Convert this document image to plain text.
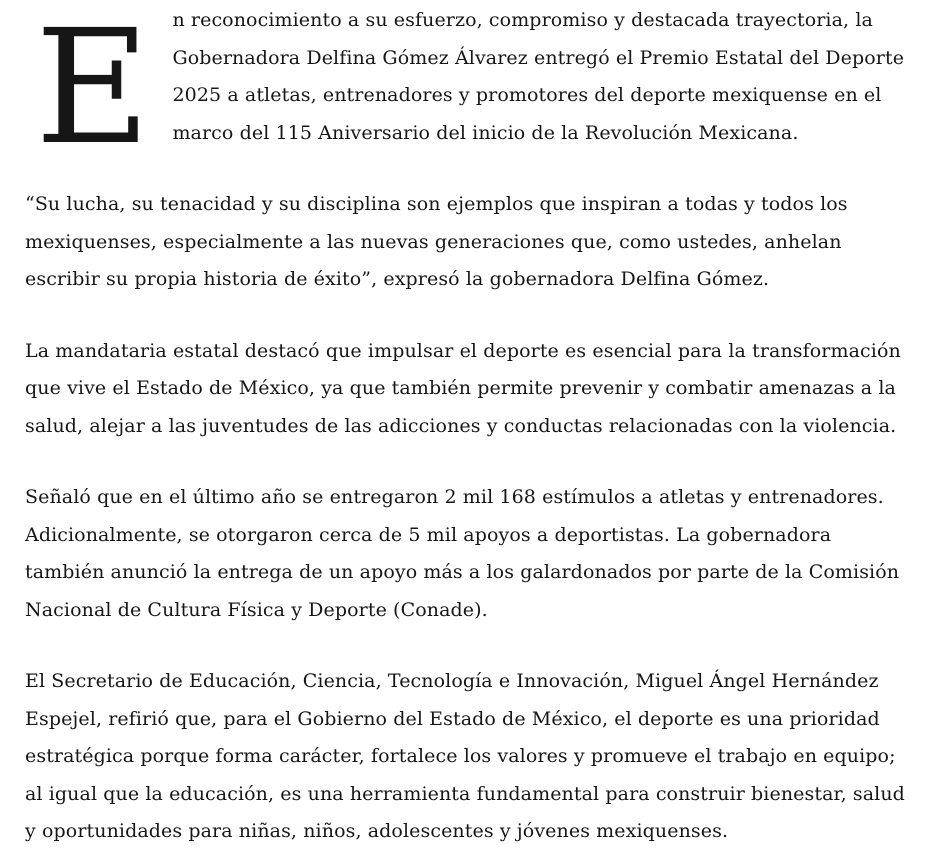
E n reconocimiento a su esfuerzo, compromiso y destacada trayectoria, la Gobernadora Delfina Gómez Álvarez entregó el Premio Estatal del Deporte 2025 a atletas, entrenadores y promotores del deporte mexiquense en el marco del 115 Aniversario del inicio de la Revolución Mexicana.

“Su lucha, su tenacidad y su disciplina son ejemplos que inspiran a todas y todos los mexiquenses, especialmente a las nuevas generaciones que, como ustedes, anhelan escribir su propia historia de éxito”, expresó la gobernadora Delfina Gómez.

La mandataria estatal destacó que impulsar el deporte es esencial para la transformación que vive el Estado de México, ya que también permite prevenir y combatir amenazas a la salud, alejar a las juventudes de las adicciones y conductas relacionadas con la violencia.

Señaló que en el último año se entregaron 2 mil 168 estímulos a atletas y entrenadores. Adicionalmente, se otorgaron cerca de 5 mil apoyos a deportistas. La gobernadora también anunció la entrega de un apoyo más a los galardonados por parte de la Comisión Nacional de Cultura Física y Deporte (Conade).

El Secretario de Educación, Ciencia, Tecnología e Innovación, Miguel Ángel Hernández Espejel, refirió que, para el Gobierno del Estado de México, el deporte es una prioridad estratégica porque forma carácter, fortalece los valores y promueve el trabajo en equipo; al igual que la educación, es una herramienta fundamental para construir bienestar, salud y oportunidades para niñas, niños, adolescentes y jóvenes mexiquenses.
